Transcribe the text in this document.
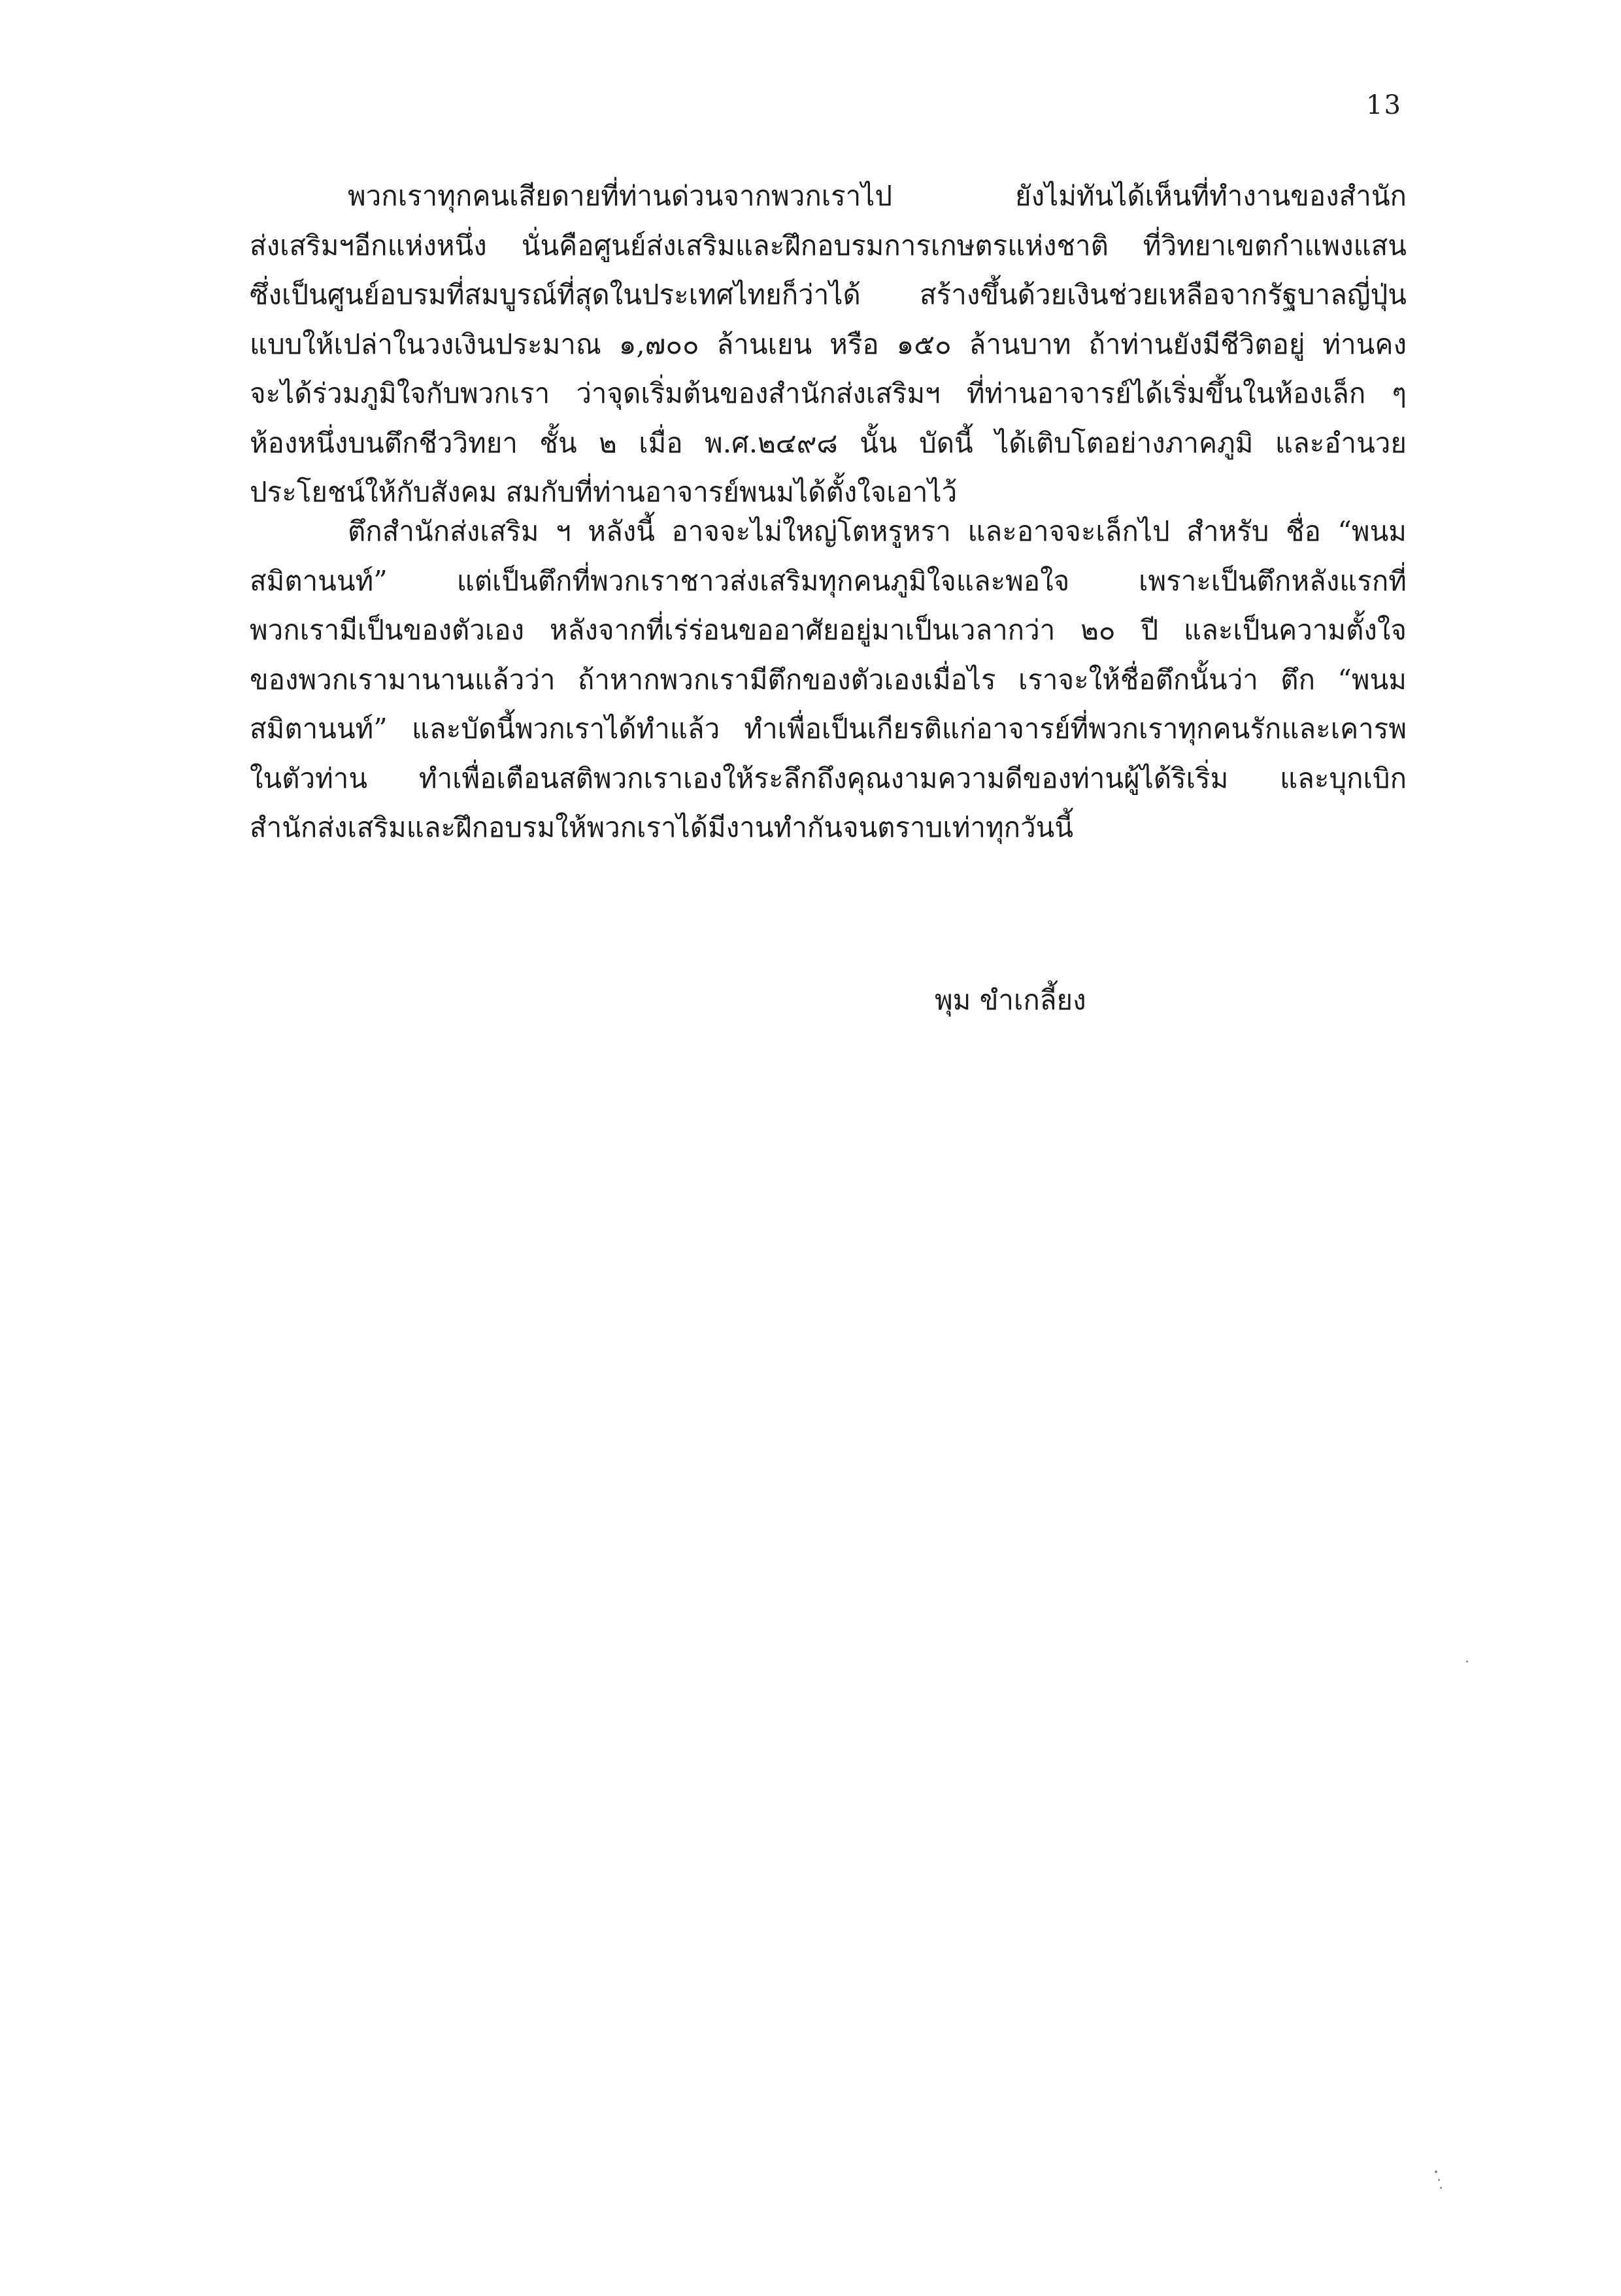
13
พวกเราทุกคนเสียดายที่ท่านด่วนจากพวกเราไป ยังไม่ทันได้เห็นที่ทำงานของสำนัก
ส่งเสริมฯอีกแห่งหนึ่ง นั่นคือศูนย์ส่งเสริมและฝึกอบรมการเกษตรแห่งชาติ ที่วิทยาเขตกำแพงแสน
ซึ่งเป็นศูนย์อบรมที่สมบูรณ์ที่สุดในประเทศไทยก็ว่าได้ สร้างขึ้นด้วยเงินช่วยเหลือจากรัฐบาลญี่ปุ่น
แบบให้เปล่าในวงเงินประมาณ ๑,๗๐๐ ล้านเยน หรือ ๑๕๐ ล้านบาท ถ้าท่านยังมีชีวิตอยู่ ท่านคง
จะได้ร่วมภูมิใจกับพวกเรา ว่าจุดเริ่มต้นของสำนักส่งเสริมฯ ที่ท่านอาจารย์ได้เริ่มขึ้นในห้องเล็ก ๆ
ห้องหนึ่งบนตึกชีววิทยา ชั้น ๒ เมื่อ พ.ศ.๒๔๙๘ นั้น บัดนี้ ได้เติบโตอย่างภาคภูมิ และอำนวย
ประโยชน์ให้กับสังคม สมกับที่ท่านอาจารย์พนมได้ตั้งใจเอาไว้
ตึกสำนักส่งเสริม ฯ หลังนี้ อาจจะไม่ใหญ่โตหรูหรา และอาจจะเล็กไป สำหรับ ชื่อ “พนม
สมิตานนท์” แต่เป็นตึกที่พวกเราชาวส่งเสริมทุกคนภูมิใจและพอใจ เพราะเป็นตึกหลังแรกที่
พวกเรามีเป็นของตัวเอง หลังจากที่เร่ร่อนขออาศัยอยู่มาเป็นเวลากว่า ๒๐ ปี และเป็นความตั้งใจ
ของพวกเรามานานแล้วว่า ถ้าหากพวกเรามีตึกของตัวเองเมื่อไร เราจะให้ชื่อตึกนั้นว่า ตึก “พนม
สมิตานนท์” และบัดนี้พวกเราได้ทำแล้ว ทำเพื่อเป็นเกียรติแก่อาจารย์ที่พวกเราทุกคนรักและเคารพ
ในตัวท่าน ทำเพื่อเตือนสติพวกเราเองให้ระลึกถึงคุณงามความดีของท่านผู้ได้ริเริ่ม และบุกเบิก
สำนักส่งเสริมและฝึกอบรมให้พวกเราได้มีงานทำกันจนตราบเท่าทุกวันนี้
พุม ขำเกลี้ยง
